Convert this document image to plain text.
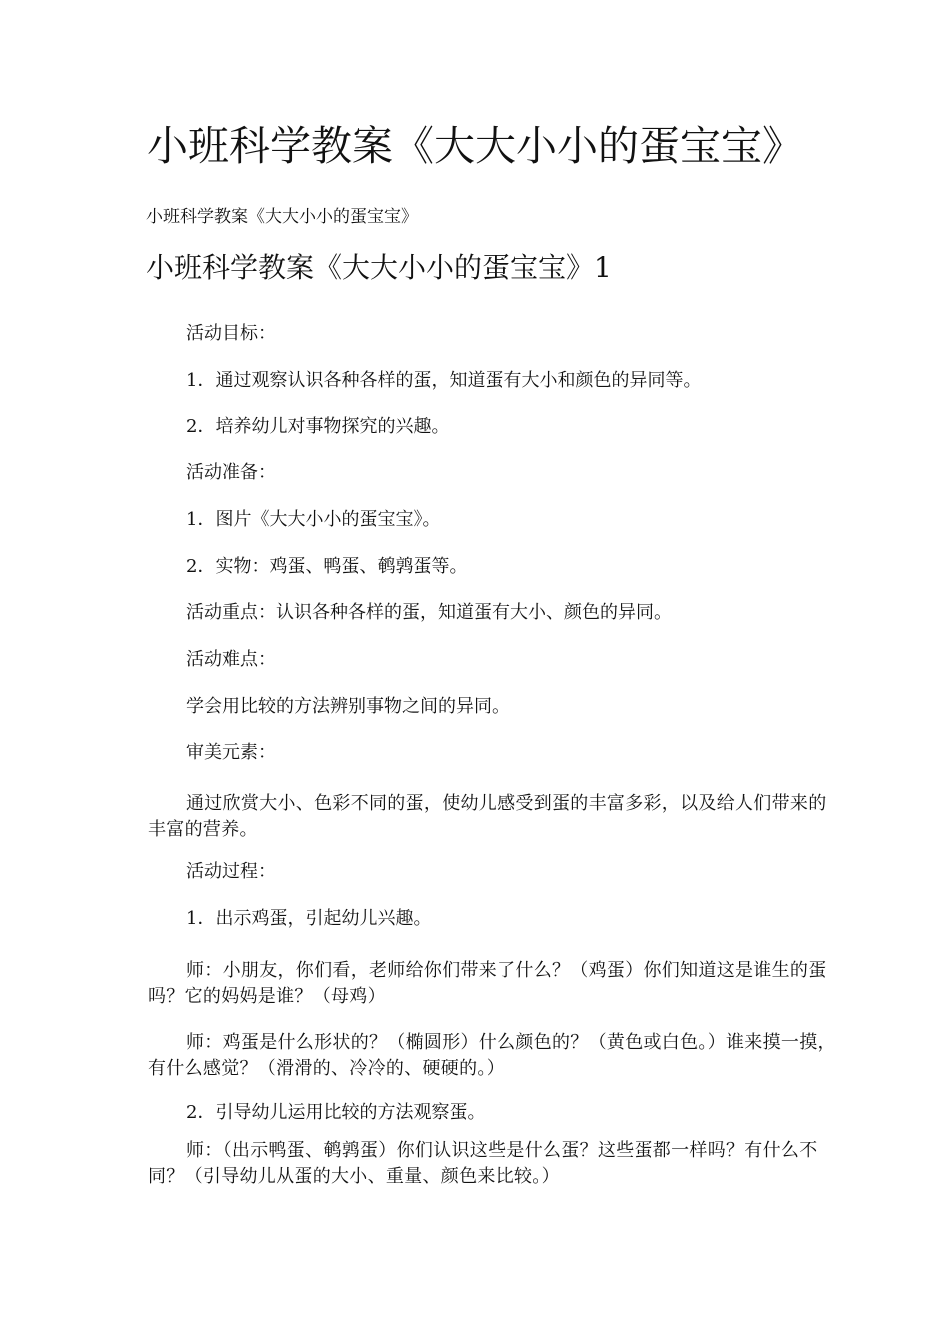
小班科学教案《大大小小的蛋宝宝》
小班科学教案《大大小小的蛋宝宝》
小班科学教案《大大小小的蛋宝宝》1
活动目标：
1．通过观察认识各种各样的蛋，知道蛋有大小和颜色的异同等。
2．培养幼儿对事物探究的兴趣。
活动准备：
1．图片《大大小小的蛋宝宝》。
2．实物：鸡蛋、鸭蛋、鹌鹑蛋等。
活动重点：认识各种各样的蛋，知道蛋有大小、颜色的异同。
活动难点：
学会用比较的方法辨别事物之间的异同。
审美元素：
通过欣赏大小、色彩不同的蛋，使幼儿感受到蛋的丰富多彩，以及给人们带来的丰富的营养。
活动过程：
1．出示鸡蛋，引起幼儿兴趣。
师：小朋友，你们看，老师给你们带来了什么？（鸡蛋）你们知道这是谁生的蛋吗？它的妈妈是谁？（母鸡）
师：鸡蛋是什么形状的？（椭圆形）什么颜色的？（黄色或白色。）谁来摸一摸，有什么感觉？（滑滑的、冷冷的、硬硬的。）
2．引导幼儿运用比较的方法观察蛋。
师：（出示鸭蛋、鹌鹑蛋）你们认识这些是什么蛋？这些蛋都一样吗？有什么不同？（引导幼儿从蛋的大小、重量、颜色来比较。）
